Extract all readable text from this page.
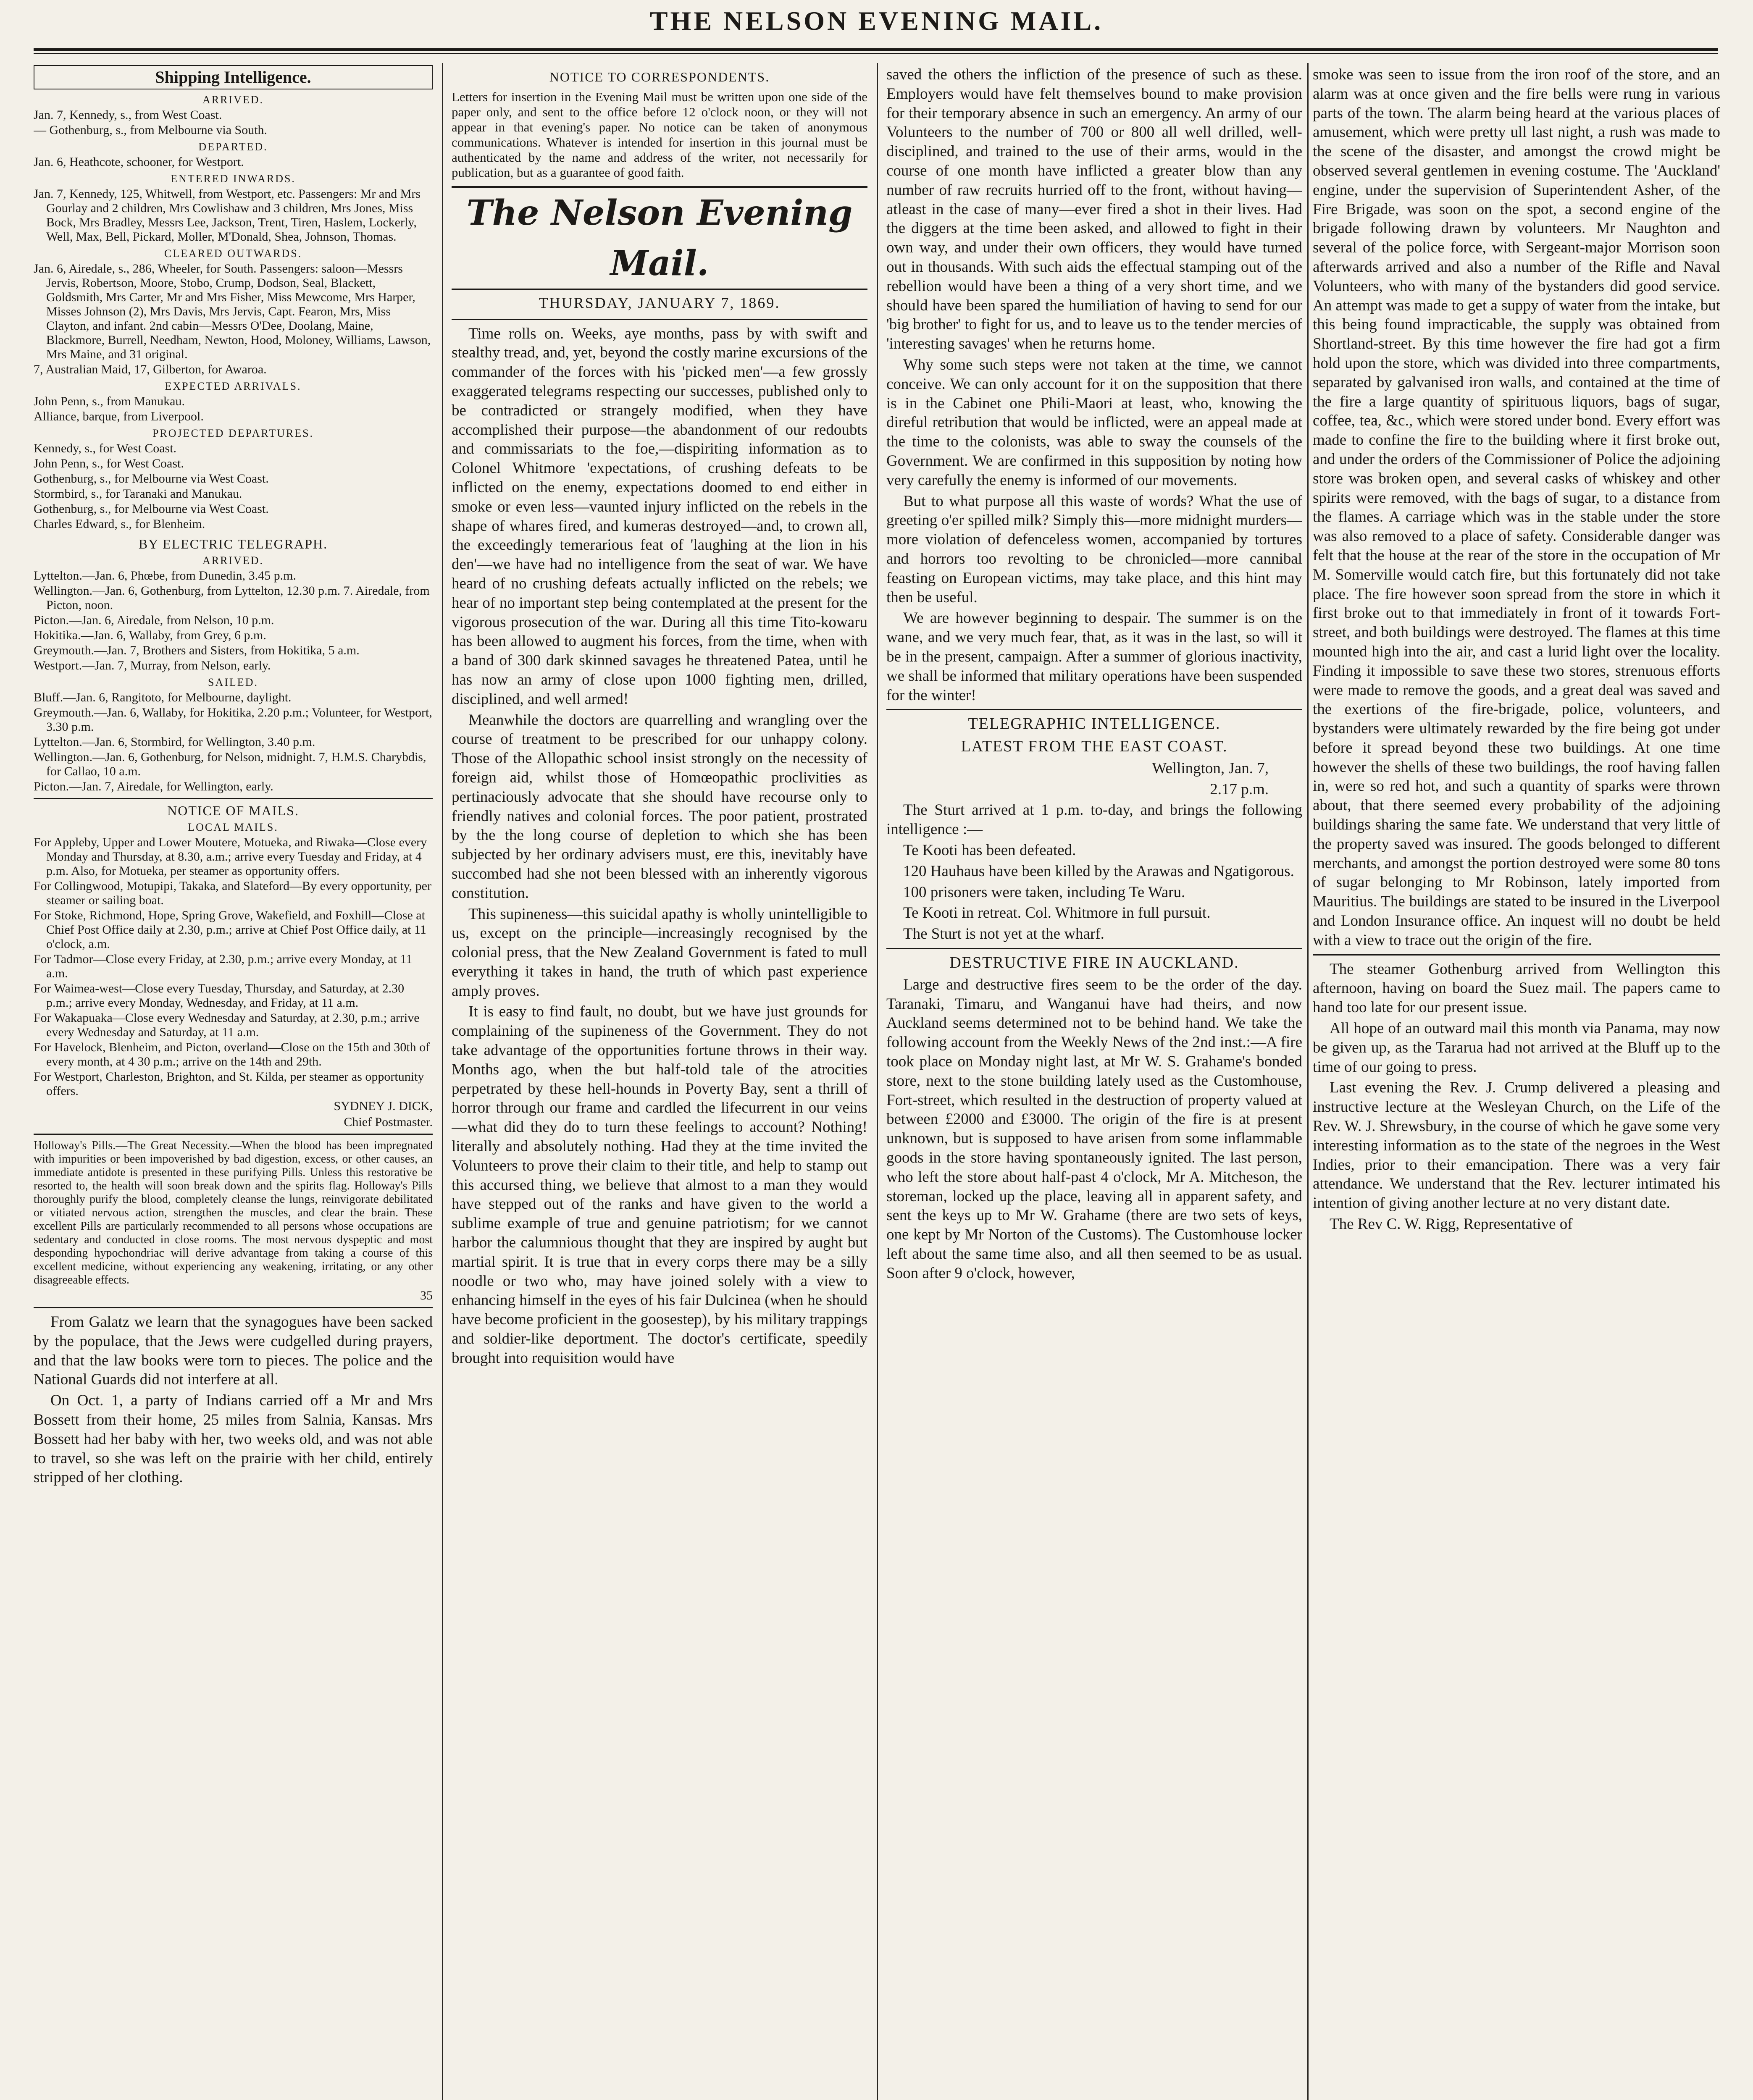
THE NELSON EVENING MAIL.
Shipping Intelligence.
ARRIVED.
Jan. 7, Kennedy, s., from West Coast.
— Gothenburg, s., from Melbourne via South.
DEPARTED.
Jan. 6, Heathcote, schooner, for Westport.
ENTERED INWARDS.
Jan. 7, Kennedy, 125, Whitwell, from Westport, etc. Passengers: Mr and Mrs Gourlay and 2 children, Mrs Cowlishaw and 3 children, Mrs Jones, Miss Bock, Mrs Bradley, Messrs Lee, Jackson, Trent, Tiren, Haslem, Lockerly, Well, Max, Bell, Pickard, Moller, M'Donald, Shea, Johnson, Thomas.
CLEARED OUTWARDS.
Jan. 6, Airedale, s., 286, Wheeler, for South. Passengers: saloon—Messrs Jervis, Robertson, Moore, Stobo, Crump, Dodson, Seal, Blackett, Goldsmith, Mrs Carter, Mr and Mrs Fisher, Miss Mewcome, Mrs Harper, Misses Johnson (2), Mrs Davis, Mrs Jervis, Capt. Fearon, Mrs, Miss Clayton, and infant. 2nd cabin—Messrs O'Dee, Doolang, Maine, Blackmore, Burrell, Needham, Newton, Hood, Moloney, Williams, Lawson, Mrs Maine, and 31 original.
7, Australian Maid, 17, Gilberton, for Awaroa.
EXPECTED ARRIVALS.
John Penn, s., from Manukau.
Alliance, barque, from Liverpool.
PROJECTED DEPARTURES.
Kennedy, s., for West Coast.
John Penn, s., for West Coast.
Gothenburg, s., for Melbourne via West Coast.
Stormbird, s., for Taranaki and Manukau.
Gothenburg, s., for Melbourne via West Coast.
Charles Edward, s., for Blenheim.
BY ELECTRIC TELEGRAPH.
ARRIVED.
Lyttelton.—Jan. 6, Phœbe, from Dunedin, 3.45 p.m.
Wellington.—Jan. 6, Gothenburg, from Lyttelton, 12.30 p.m. 7. Airedale, from Picton, noon.
Picton.—Jan. 6, Airedale, from Nelson, 10 p.m.
Hokitika.—Jan. 6, Wallaby, from Grey, 6 p.m.
Greymouth.—Jan. 7, Brothers and Sisters, from Hokitika, 5 a.m.
Westport.—Jan. 7, Murray, from Nelson, early.
SAILED.
Bluff.—Jan. 6, Rangitoto, for Melbourne, daylight.
Greymouth.—Jan. 6, Wallaby, for Hokitika, 2.20 p.m.; Volunteer, for Westport, 3.30 p.m.
Lyttelton.—Jan. 6, Stormbird, for Wellington, 3.40 p.m.
Wellington.—Jan. 6, Gothenburg, for Nelson, midnight. 7, H.M.S. Charybdis, for Callao, 10 a.m.
Picton.—Jan. 7, Airedale, for Wellington, early.
NOTICE OF MAILS.
LOCAL MAILS.
For Appleby, Upper and Lower Moutere, Motueka, and Riwaka—Close every Monday and Thursday, at 8.30, a.m.; arrive every Tuesday and Friday, at 4 p.m. Also, for Motueka, per steamer as opportunity offers.
For Collingwood, Motupipi, Takaka, and Slateford—By every opportunity, per steamer or sailing boat.
For Stoke, Richmond, Hope, Spring Grove, Wakefield, and Foxhill—Close at Chief Post Office daily at 2.30, p.m.; arrive at Chief Post Office daily, at 11 o'clock, a.m.
For Tadmor—Close every Friday, at 2.30, p.m.; arrive every Monday, at 11 a.m.
For Waimea-west—Close every Tuesday, Thursday, and Saturday, at 2.30 p.m.; arrive every Monday, Wednesday, and Friday, at 11 a.m.
For Wakapuaka—Close every Wednesday and Saturday, at 2.30, p.m.; arrive every Wednesday and Saturday, at 11 a.m.
For Havelock, Blenheim, and Picton, overland—Close on the 15th and 30th of every month, at 4 30 p.m.; arrive on the 14th and 29th.
For Westport, Charleston, Brighton, and St. Kilda, per steamer as opportunity offers.

SYDNEY J. DICK,

Chief Postmaster.

Holloway's Pills.—The Great Necessity.—When the blood has been impregnated with impurities or been impoverished by bad digestion, excess, or other causes, an immediate antidote is presented in these purifying Pills. Unless this restorative be resorted to, the health will soon break down and the spirits flag. Holloway's Pills thoroughly purify the blood, completely cleanse the lungs, reinvigorate debilitated or vitiated nervous action, strengthen the muscles, and clear the brain. These excellent Pills are particularly recommended to all persons whose occupations are sedentary and conducted in close rooms. The most nervous dyspeptic and most desponding hypochondriac will derive advantage from taking a course of this excellent medicine, without experiencing any weakening, irritating, or any other disagreeable effects.

35

From Galatz we learn that the synagogues have been sacked by the populace, that the Jews were cudgelled during prayers, and that the law books were torn to pieces. The police and the National Guards did not interfere at all.

On Oct. 1, a party of Indians carried off a Mr and Mrs Bossett from their home, 25 miles from Salnia, Kansas. Mrs Bossett had her baby with her, two weeks old, and was not able to travel, so she was left on the prairie with her child, entirely stripped of her clothing.

NOTICE TO CORRESPONDENTS.

Letters for insertion in the Evening Mail must be written upon one side of the paper only, and sent to the office before 12 o'clock noon, or they will not appear in that evening's paper. No notice can be taken of anonymous communications. Whatever is intended for insertion in this journal must be authenticated by the name and address of the writer, not necessarily for publication, but as a guarantee of good faith.

The Nelson Evening Mail.
THURSDAY, JANUARY 7, 1869.

Time rolls on. Weeks, aye months, pass by with swift and stealthy tread, and, yet, beyond the costly marine excursions of the commander of the forces with his 'picked men'—a few grossly exaggerated telegrams respecting our successes, published only to be contradicted or strangely modified, when they have accomplished their purpose—the abandonment of our redoubts and commissariats to the foe,—dispiriting information as to Colonel Whitmore 'expectations, of crushing defeats to be inflicted on the enemy, expectations doomed to end either in smoke or even less—vaunted injury inflicted on the rebels in the shape of whares fired, and kumeras destroyed—and, to crown all, the exceedingly temerarious feat of 'laughing at the lion in his den'—we have had no intelligence from the seat of war. We have heard of no crushing defeats actually inflicted on the rebels; we hear of no important step being contemplated at the present for the vigorous prosecution of the war. During all this time Tito-kowaru has been allowed to augment his forces, from the time, when with a band of 300 dark skinned savages he threatened Patea, until he has now an army of close upon 1000 fighting men, drilled, disciplined, and well armed!

Meanwhile the doctors are quarrelling and wrangling over the course of treatment to be prescribed for our unhappy colony. Those of the Allopathic school insist strongly on the necessity of foreign aid, whilst those of Homœopathic proclivities as pertinaciously advocate that she should have recourse only to friendly natives and colonial forces. The poor patient, prostrated by the the long course of depletion to which she has been subjected by her ordinary advisers must, ere this, inevitably have succombed had she not been blessed with an inherently vigorous constitution.

This supineness—this suicidal apathy is wholly unintelligible to us, except on the principle—increasingly recognised by the colonial press, that the New Zealand Government is fated to mull everything it takes in hand, the truth of which past experience amply proves.

It is easy to find fault, no doubt, but we have just grounds for complaining of the supineness of the Government. They do not take advantage of the opportunities fortune throws in their way. Months ago, when the but half-told tale of the atrocities perpetrated by these hell-hounds in Poverty Bay, sent a thrill of horror through our frame and cardled the lifecurrent in our veins—what did they do to turn these feelings to account? Nothing! literally and absolutely nothing. Had they at the time invited the Volunteers to prove their claim to their title, and help to stamp out this accursed thing, we believe that almost to a man they would have stepped out of the ranks and have given to the world a sublime example of true and genuine patriotism; for we cannot harbor the calumnious thought that they are inspired by aught but martial spirit. It is true that in every corps there may be a silly noodle or two who, may have joined solely with a view to enhancing himself in the eyes of his fair Dulcinea (when he should have become proficient in the goosestep), by his military trappings and soldier-like deportment. The doctor's certificate, speedily brought into requisition would have

saved the others the infliction of the presence of such as these. Employers would have felt themselves bound to make provision for their temporary absence in such an emergency. An army of our Volunteers to the number of 700 or 800 all well drilled, well-disciplined, and trained to the use of their arms, would in the course of one month have inflicted a greater blow than any number of raw recruits hurried off to the front, without having—atleast in the case of many—ever fired a shot in their lives. Had the diggers at the time been asked, and allowed to fight in their own way, and under their own officers, they would have turned out in thousands. With such aids the effectual stamping out of the rebellion would have been a thing of a very short time, and we should have been spared the humiliation of having to send for our 'big brother' to fight for us, and to leave us to the tender mercies of 'interesting savages' when he returns home.

Why some such steps were not taken at the time, we cannot conceive. We can only account for it on the supposition that there is in the Cabinet one Phili-Maori at least, who, knowing the direful retribution that would be inflicted, were an appeal made at the time to the colonists, was able to sway the counsels of the Government. We are confirmed in this supposition by noting how very carefully the enemy is informed of our movements.

But to what purpose all this waste of words? What the use of greeting o'er spilled milk? Simply this—more midnight murders—more violation of defenceless women, accompanied by tortures and horrors too revolting to be chronicled—more cannibal feasting on European victims, may take place, and this hint may then be useful.

We are however beginning to despair. The summer is on the wane, and we very much fear, that, as it was in the last, so will it be in the present, campaign. After a summer of glorious inactivity, we shall be informed that military operations have been suspended for the winter!

TELEGRAPHIC INTELLIGENCE.
LATEST FROM THE EAST COAST.

Wellington, Jan. 7,

2.17 p.m.

The Sturt arrived at 1 p.m. to-day, and brings the following intelligence :—

Te Kooti has been defeated.

120 Hauhaus have been killed by the Arawas and Ngatigorous.

100 prisoners were taken, including Te Waru.

Te Kooti in retreat. Col. Whitmore in full pursuit.

The Sturt is not yet at the wharf.

DESTRUCTIVE FIRE IN AUCKLAND.

Large and destructive fires seem to be the order of the day. Taranaki, Timaru, and Wanganui have had theirs, and now Auckland seems determined not to be behind hand. We take the following account from the Weekly News of the 2nd inst.:—A fire took place on Monday night last, at Mr W. S. Grahame's bonded store, next to the stone building lately used as the Customhouse, Fort-street, which resulted in the destruction of property valued at between £2000 and £3000. The origin of the fire is at present unknown, but is supposed to have arisen from some inflammable goods in the store having spontaneously ignited. The last person, who left the store about half-past 4 o'clock, Mr A. Mitcheson, the storeman, locked up the place, leaving all in apparent safety, and sent the keys up to Mr W. Grahame (there are two sets of keys, one kept by Mr Norton of the Customs). The Customhouse locker left about the same time also, and all then seemed to be as usual. Soon after 9 o'clock, however,

smoke was seen to issue from the iron roof of the store, and an alarm was at once given and the fire bells were rung in various parts of the town. The alarm being heard at the various places of amusement, which were pretty ull last night, a rush was made to the scene of the disaster, and amongst the crowd might be observed several gentlemen in evening costume. The 'Auckland' engine, under the supervision of Superintendent Asher, of the Fire Brigade, was soon on the spot, a second engine of the brigade following drawn by volunteers. Mr Naughton and several of the police force, with Sergeant-major Morrison soon afterwards arrived and also a number of the Rifle and Naval Volunteers, who with many of the bystanders did good service. An attempt was made to get a suppy of water from the intake, but this being found impracticable, the supply was obtained from Shortland-street. By this time however the fire had got a firm hold upon the store, which was divided into three compartments, separated by galvanised iron walls, and contained at the time of the fire a large quantity of spirituous liquors, bags of sugar, coffee, tea, &c., which were stored under bond. Every effort was made to confine the fire to the building where it first broke out, and under the orders of the Commissioner of Police the adjoining store was broken open, and several casks of whiskey and other spirits were removed, with the bags of sugar, to a distance from the flames. A carriage which was in the stable under the store was also removed to a place of safety. Considerable danger was felt that the house at the rear of the store in the occupation of Mr M. Somerville would catch fire, but this fortunately did not take place. The fire however soon spread from the store in which it first broke out to that immediately in front of it towards Fort-street, and both buildings were destroyed. The flames at this time mounted high into the air, and cast a lurid light over the locality. Finding it impossible to save these two stores, strenuous efforts were made to remove the goods, and a great deal was saved and the exertions of the fire-brigade, police, volunteers, and bystanders were ultimately rewarded by the fire being got under before it spread beyond these two buildings. At one time however the shells of these two buildings, the roof having fallen in, were so red hot, and such a quantity of sparks were thrown about, that there seemed every probability of the adjoining buildings sharing the same fate. We understand that very little of the property saved was insured. The goods belonged to different merchants, and amongst the portion destroyed were some 80 tons of sugar belonging to Mr Robinson, lately imported from Mauritius. The buildings are stated to be insured in the Liverpool and London Insurance office. An inquest will no doubt be held with a view to trace out the origin of the fire.

The steamer Gothenburg arrived from Wellington this afternoon, having on board the Suez mail. The papers came to hand too late for our present issue.

All hope of an outward mail this month via Panama, may now be given up, as the Tararua had not arrived at the Bluff up to the time of our going to press.

Last evening the Rev. J. Crump delivered a pleasing and instructive lecture at the Wesleyan Church, on the Life of the Rev. W. J. Shrewsbury, in the course of which he gave some very interesting information as to the state of the negroes in the West Indies, prior to their emancipation. There was a very fair attendance. We understand that the Rev. lecturer intimated his intention of giving another lecture at no very distant date.

The Rev C. W. Rigg, Representative of
